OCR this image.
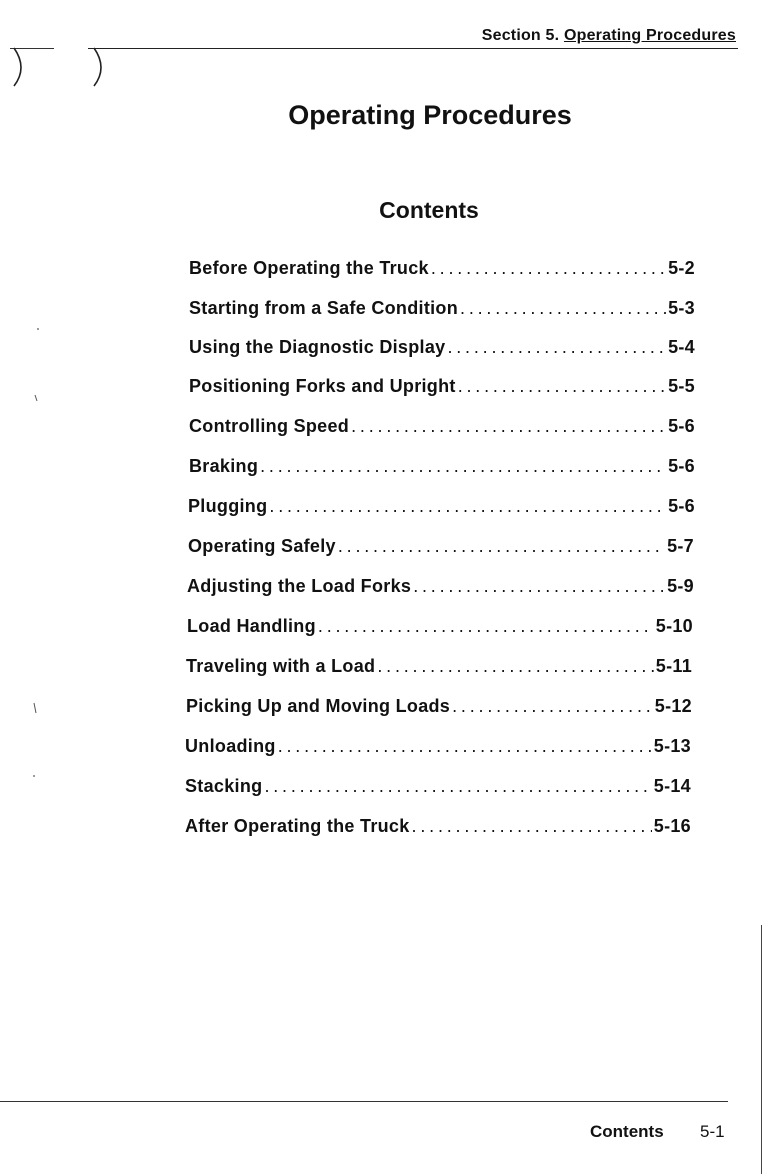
Section 5. Operating Procedures
Operating Procedures
Contents
Before Operating the Truck . . .	5-2
Starting from a Safe Condition . . .	5-3
Using the Diagnostic Display . . .	5-4
Positioning Forks and Upright . . .	5-5
Controlling Speed . . .	5-6
Braking . . .	5-6
Plugging . . .	5-6
Operating Safely . . .	5-7
Adjusting the Load Forks . . .	5-9
Load Handling . . .	5-10
Traveling with a Load . . .	5-11
Picking Up and Moving Loads . . .	5-12
Unloading . . .	5-13
Stacking . . .	5-14
After Operating the Truck . . .	5-16
Contents 5-1
